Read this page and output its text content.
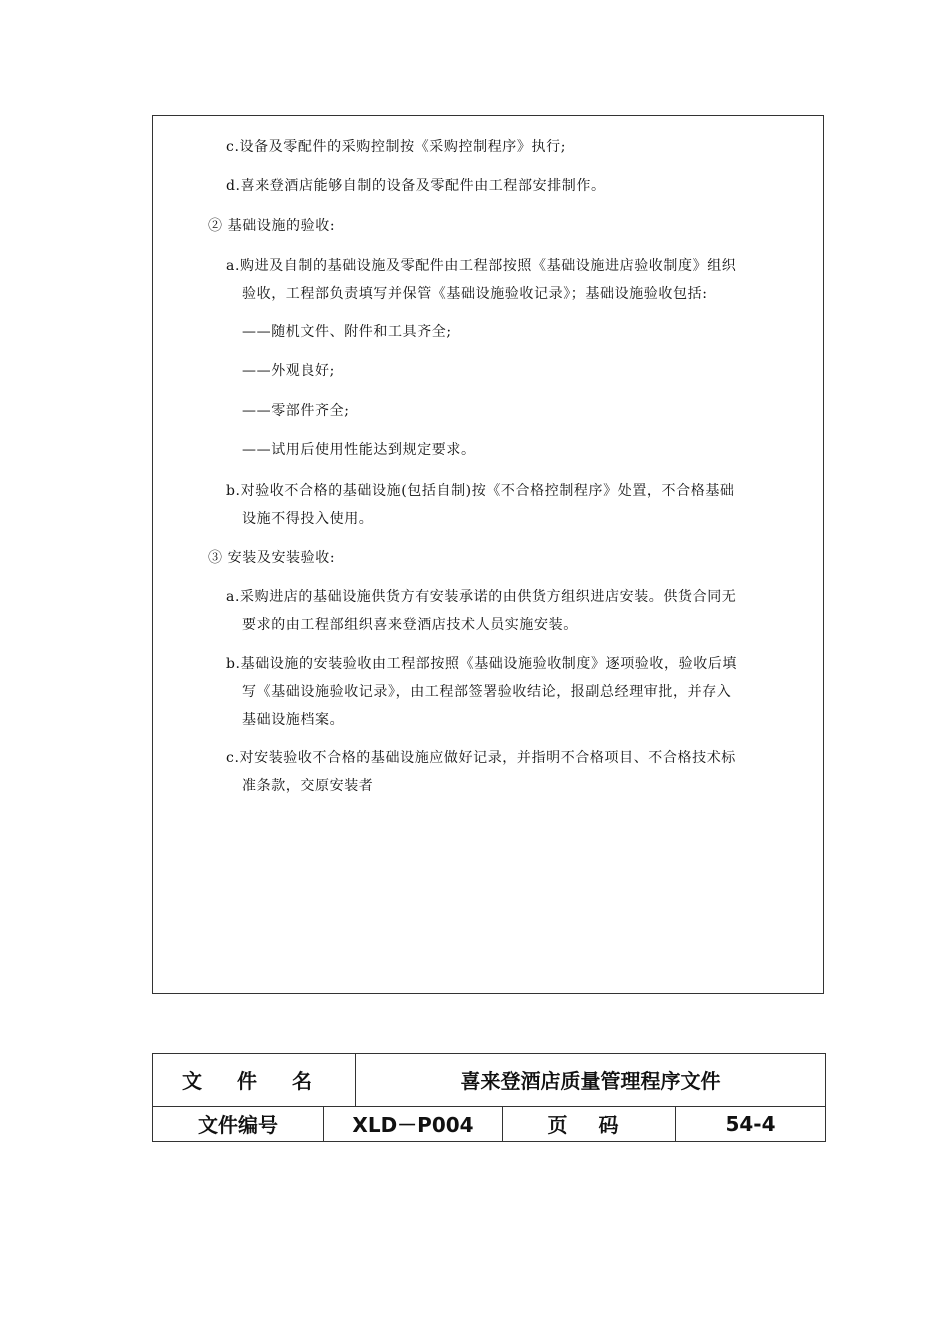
c.设备及零配件的采购控制按《采购控制程序》执行;
d.喜来登酒店能够自制的设备及零配件由工程部安排制作。
② 基础设施的验收:
a.购进及自制的基础设施及零配件由工程部按照《基础设施进店验收制度》组织
验收，工程部负责填写并保管《基础设施验收记录》；基础设施验收包括:
——随机文件、附件和工具齐全;
——外观良好;
——零部件齐全;
——试用后使用性能达到规定要求。
b.对验收不合格的基础设施(包括自制)按《不合格控制程序》处置，不合格基础
设施不得投入使用。
③ 安装及安装验收:
a.采购进店的基础设施供货方有安装承诺的由供货方组织进店安装。供货合同无
要求的由工程部组织喜来登酒店技术人员实施安装。
b.基础设施的安装验收由工程部按照《基础设施验收制度》逐项验收，验收后填
写《基础设施验收记录》，由工程部签署验收结论，报副总经理审批，并存入
基础设施档案。
c.对安装验收不合格的基础设施应做好记录，并指明不合格项目、不合格技术标
准条款，交原安装者
文 件 名		喜来登酒店质量管理程序文件		
文件编号	XLD－P004		页 码	54-4
